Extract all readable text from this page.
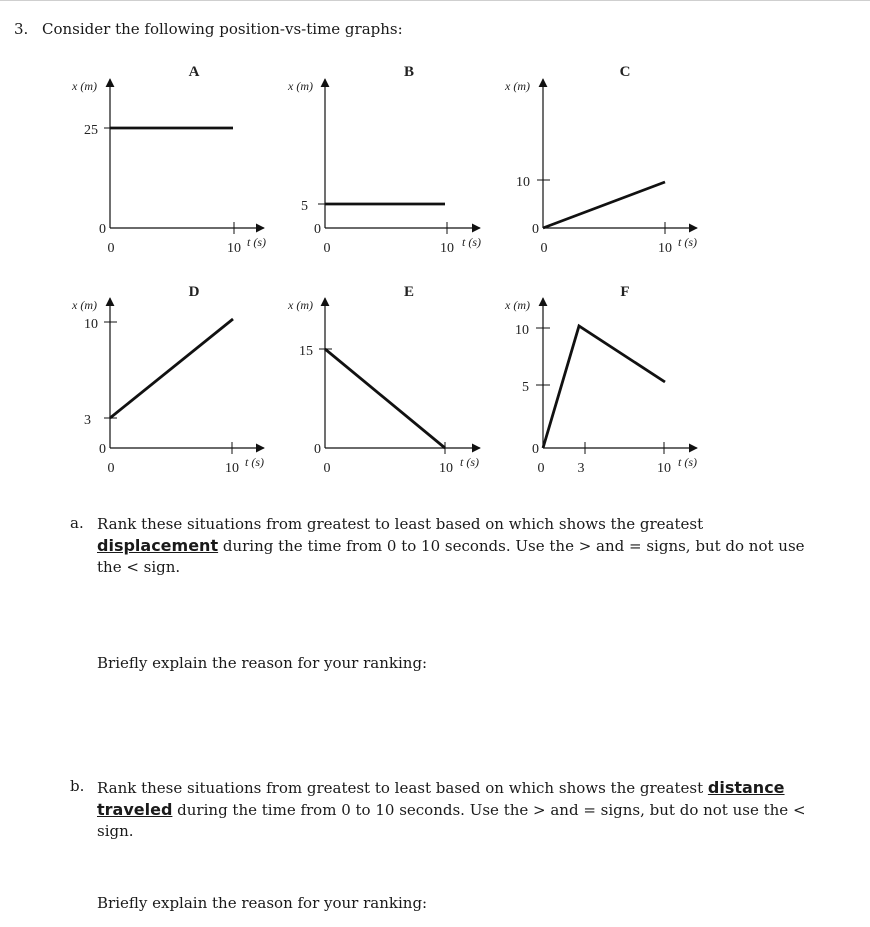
3. Consider the following position-vs-time graphs:
A
x (m)
25
0
0	10 t (s)
B
x (m)
5
0
0	10 t (s)
C
x (m)
10
0
0	10 t (s)
D
x (m)
10
3
0
0	10 t (s)
E
x (m)
15
0
0	10 t (s)
F
x (m)
10
5
0
0 3	10 t (s)
a. Rank these situations from greatest to least based on which shows the greatest displacement during the time from 0 to 10 seconds. Use the > and = signs, but do not use the < sign.
Briefly explain the reason for your ranking:
b. Rank these situations from greatest to least based on which shows the greatest distance traveled during the time from 0 to 10 seconds. Use the > and = signs, but do not use the < sign.
Briefly explain the reason for your ranking:
